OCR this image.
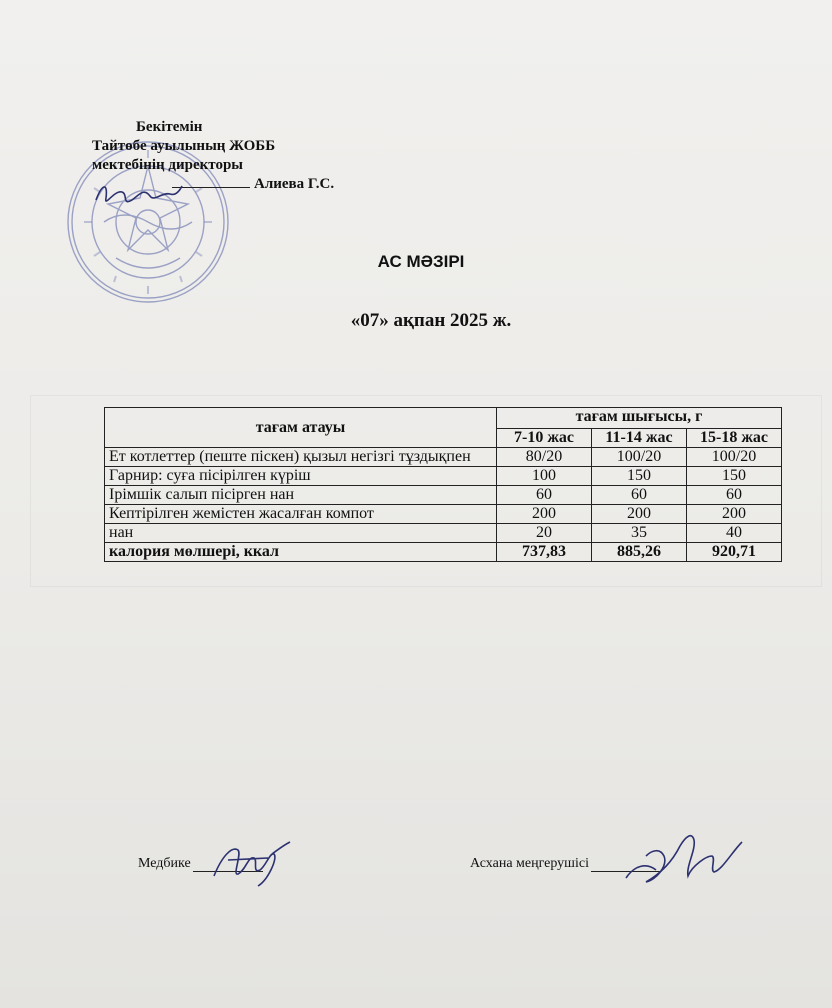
Бекітемін
Тайтөбе ауылының ЖОББ
мектебінің директоры
Алиева Г.С.
АС МӘЗІРІ
«07» ақпан 2025 ж.
тағам атауы	тағам шығысы, г		
	7-10 жас	11-14 жас	15-18 жас
Ет котлеттер (пеште піскен) қызыл негізгі тұздықпен	80/20	100/20	100/20
Гарнир: суға пісірілген күріш	100	150	150
Ірімшік салып пісірген нан	60	60	60
Кептірілген жемістен жасалған компот	200	200	200
нан	20	35	40
калория мөлшері, ккал	737,83	885,26	920,71
Медбике	Асхана меңгерушісі
